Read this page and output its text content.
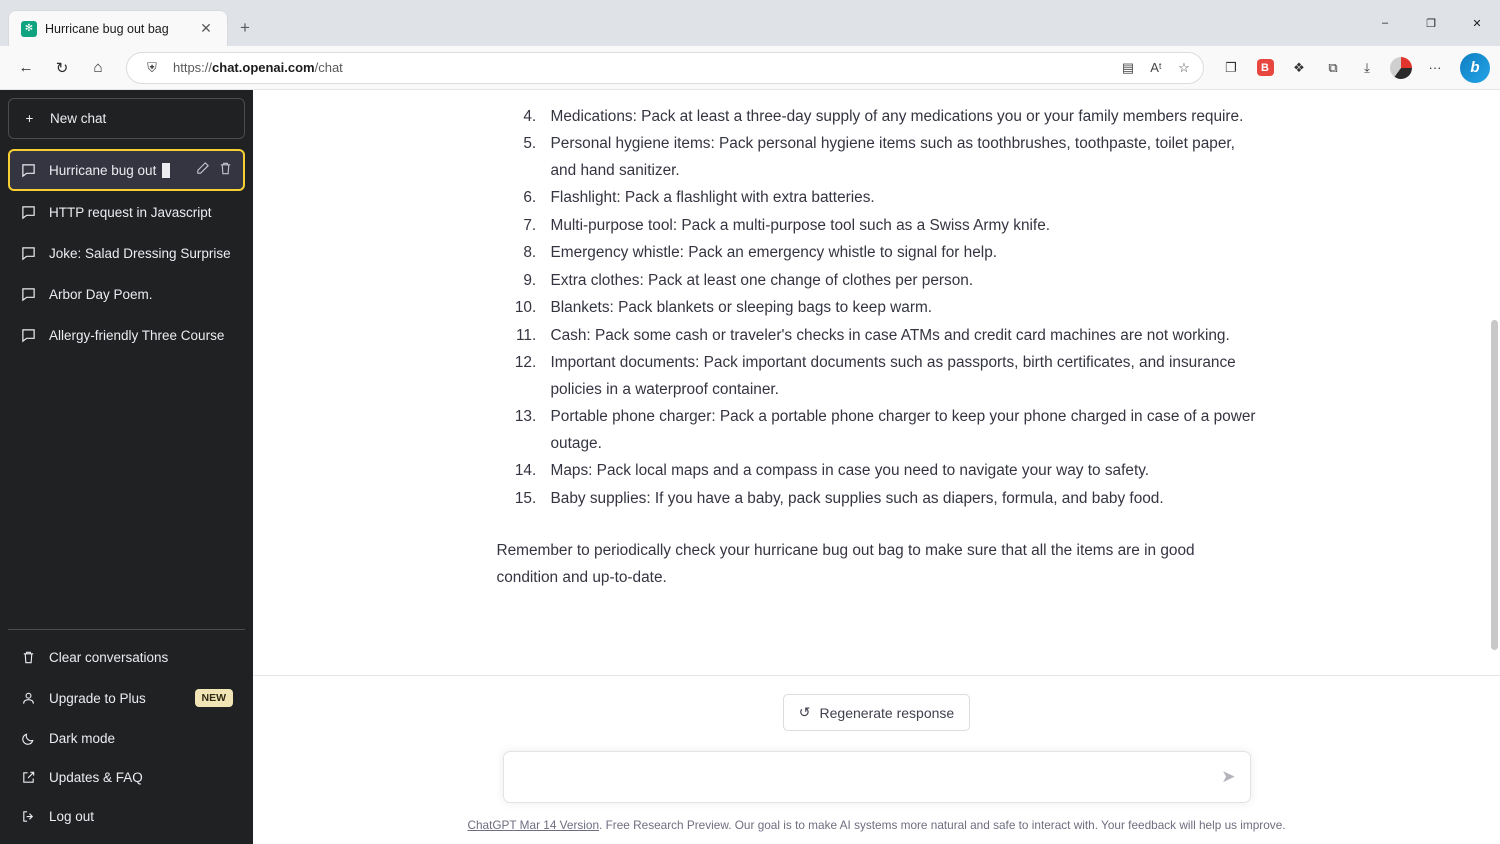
✻ Hurricane bug out bag	✕	+	–	❐	✕
←	↻	⌂	⛨	https://chat.openai.com/chat	▤	Aᵗ	☆	❐	B	❖	⧉	⤓	···	b
+	New chat
Hurricane bug out
HTTP request in Javascript
Joke: Salad Dressing Surprise
Arbor Day Poem.
Allergy-friendly Three Course
Clear conversations
Upgrade to Plus	NEW
Dark mode
Updates & FAQ
Log out
4. Medications: Pack at least a three-day supply of any medications you or your family members require.
5. Personal hygiene items: Pack personal hygiene items such as toothbrushes, toothpaste, toilet paper, and hand sanitizer.
6. Flashlight: Pack a flashlight with extra batteries.
7. Multi-purpose tool: Pack a multi-purpose tool such as a Swiss Army knife.
8. Emergency whistle: Pack an emergency whistle to signal for help.
9. Extra clothes: Pack at least one change of clothes per person.
10. Blankets: Pack blankets or sleeping bags to keep warm.
11. Cash: Pack some cash or traveler's checks in case ATMs and credit card machines are not working.
12. Important documents: Pack important documents such as passports, birth certificates, and insurance policies in a waterproof container.
13. Portable phone charger: Pack a portable phone charger to keep your phone charged in case of a power outage.
14. Maps: Pack local maps and a compass in case you need to navigate your way to safety.
15. Baby supplies: If you have a baby, pack supplies such as diapers, formula, and baby food.

Remember to periodically check your hurricane bug out bag to make sure that all the items are in good condition and up-to-date.

↺ Regenerate response
➤
ChatGPT Mar 14 Version. Free Research Preview. Our goal is to make AI systems more natural and safe to interact with. Your feedback will help us improve.
